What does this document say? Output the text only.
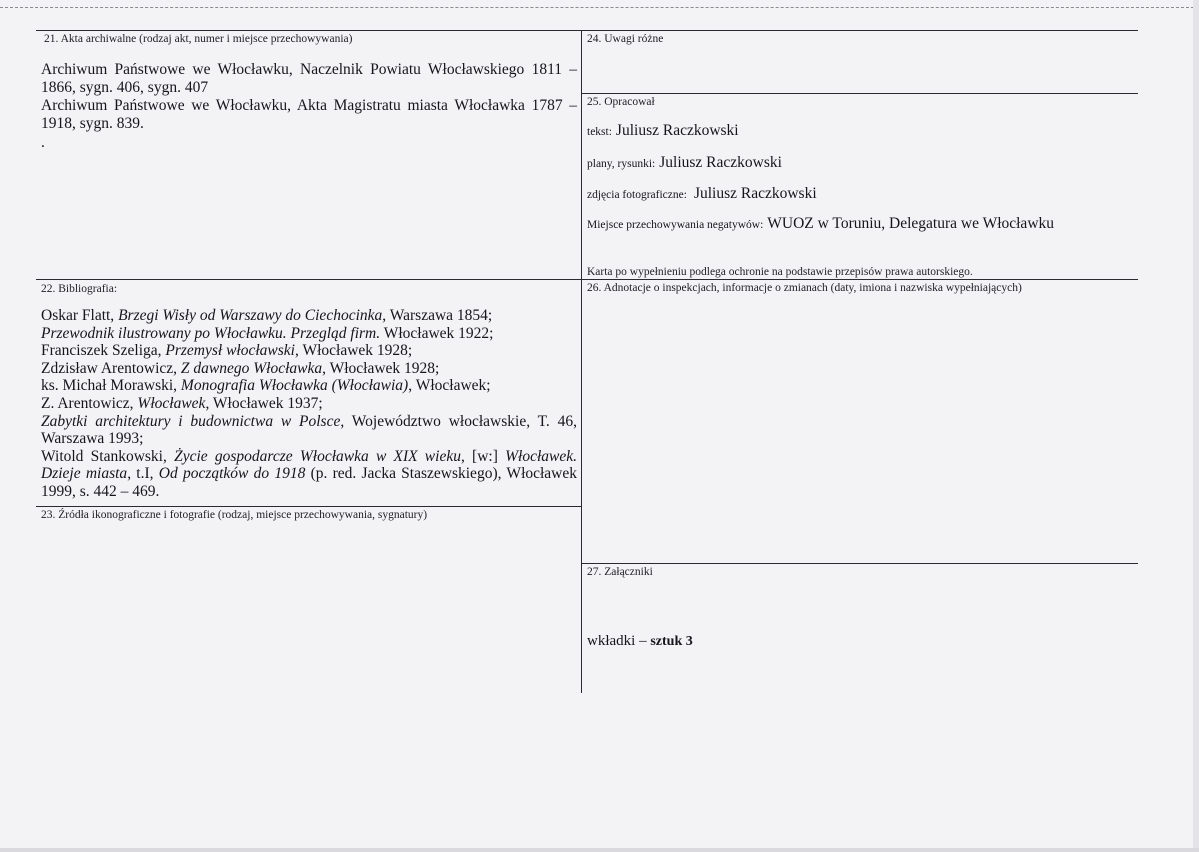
21. Akta archiwalne (rodzaj akt, numer i miejsce przechowywania)
Archiwum Państwowe we Włocławku, Naczelnik Powiatu Włocławskiego 1811 – 1866, sygn. 406, sygn. 407
Archiwum Państwowe we Włocławku, Akta Magistratu miasta Włocławka 1787 – 1918, sygn. 839.
.
22. Bibliografia:
Oskar Flatt, Brzegi Wisły od Warszawy do Ciechocinka, Warszawa 1854;
Przewodnik ilustrowany po Włocławku. Przegląd firm. Włocławek 1922;
Franciszek Szeliga, Przemysł włocławski, Włocławek 1928;
Zdzisław Arentowicz, Z dawnego Włocławka, Włocławek 1928;
ks. Michał Morawski, Monografia Włocławka (Włocławia), Włocławek;
Z. Arentowicz, Włocławek, Włocławek 1937;
Zabytki architektury i budownictwa w Polsce, Województwo włocławskie, T. 46, Warszawa 1993;
Witold Stankowski, Życie gospodarcze Włocławka w XIX wieku, [w:] Włocławek. Dzieje miasta, t.I, Od początków do 1918 (p. red. Jacka Staszewskiego), Włocławek 1999, s. 442 – 469.
23. Źródła ikonograficzne i fotografie (rodzaj, miejsce przechowywania, sygnatury)
24. Uwagi różne
25. Opracował
tekst: Juliusz Raczkowski
plany, rysunki: Juliusz Raczkowski
zdjęcia fotograficzne: Juliusz Raczkowski
Miejsce przechowywania negatywów: WUOZ w Toruniu, Delegatura we Włocławku
Karta po wypełnieniu podlega ochronie na podstawie przepisów prawa autorskiego.
26. Adnotacje o inspekcjach, informacje o zmianach (daty, imiona i nazwiska wypełniających)
27. Załączniki
wkładki – sztuk 3
